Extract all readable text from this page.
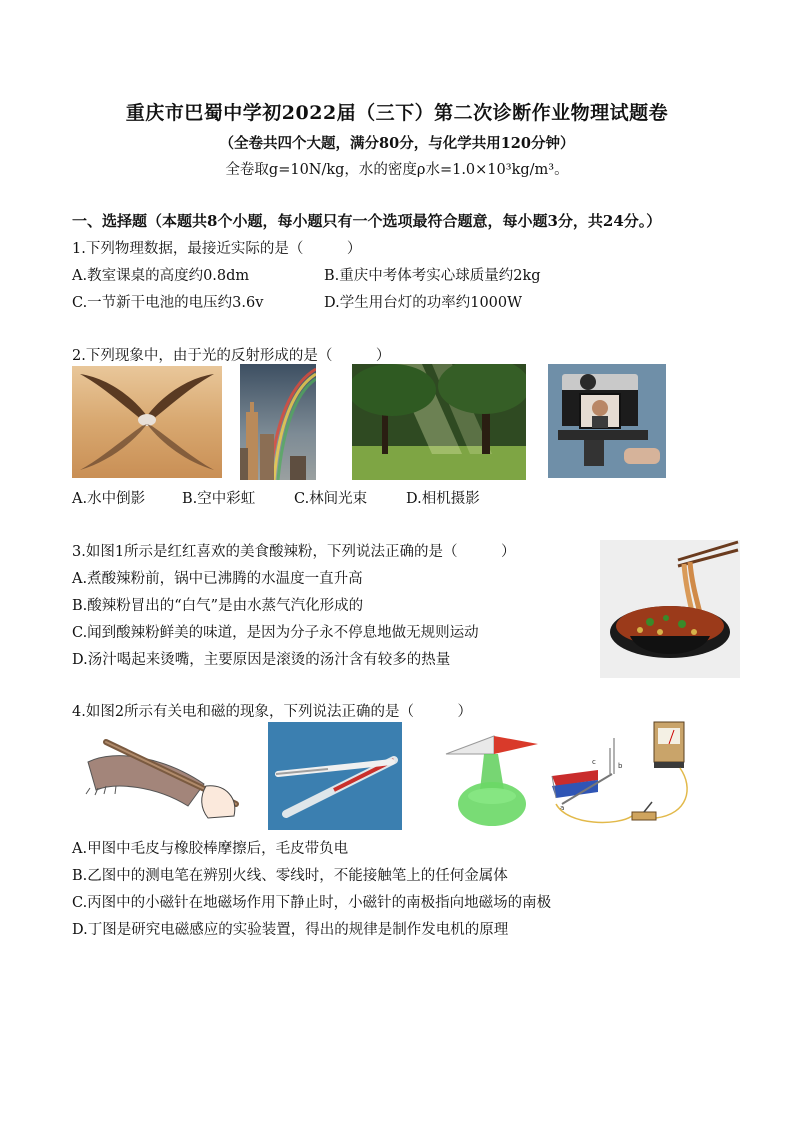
重庆市巴蜀中学初2022届（三下）第二次诊断作业物理试题卷
（全卷共四个大题，满分80分，与化学共用120分钟）
全卷取g=10N/kg，水的密度ρ水=1.0×10³kg/m³。
一、选择题（本题共8个小题，每小题只有一个选项最符合题意，每小题3分，共24分。）
1.下列物理数据，最接近实际的是（　　　）
A.教室课桌的高度约0.8dm	B.重庆中考体考实心球质量约2kg
C.一节新干电池的电压约3.6v	D.学生用台灯的功率约1000W
2.下列现象中，由于光的反射形成的是（　　　）
A.水中倒影	B.空中彩虹	C.林间光束	D.相机摄影
3.如图1所示是红红喜欢的美食酸辣粉，下列说法正确的是（　　　）
A.煮酸辣粉前，锅中已沸腾的水温度一直升高
B.酸辣粉冒出的“白气”是由水蒸气汽化形成的
C.闻到酸辣粉鲜美的味道，是因为分子永不停息地做无规则运动
D.汤汁喝起来烫嘴，主要原因是滚烫的汤汁含有较多的热量
4.如图2所示有关电和磁的现象，下列说法正确的是（　　　）
a
b
c
A.甲图中毛皮与橡胶棒摩擦后，毛皮带负电
B.乙图中的测电笔在辨别火线、零线时，不能接触笔上的任何金属体
C.丙图中的小磁针在地磁场作用下静止时，小磁针的南极指向地磁场的南极
D.丁图是研究电磁感应的实验装置，得出的规律是制作发电机的原理
